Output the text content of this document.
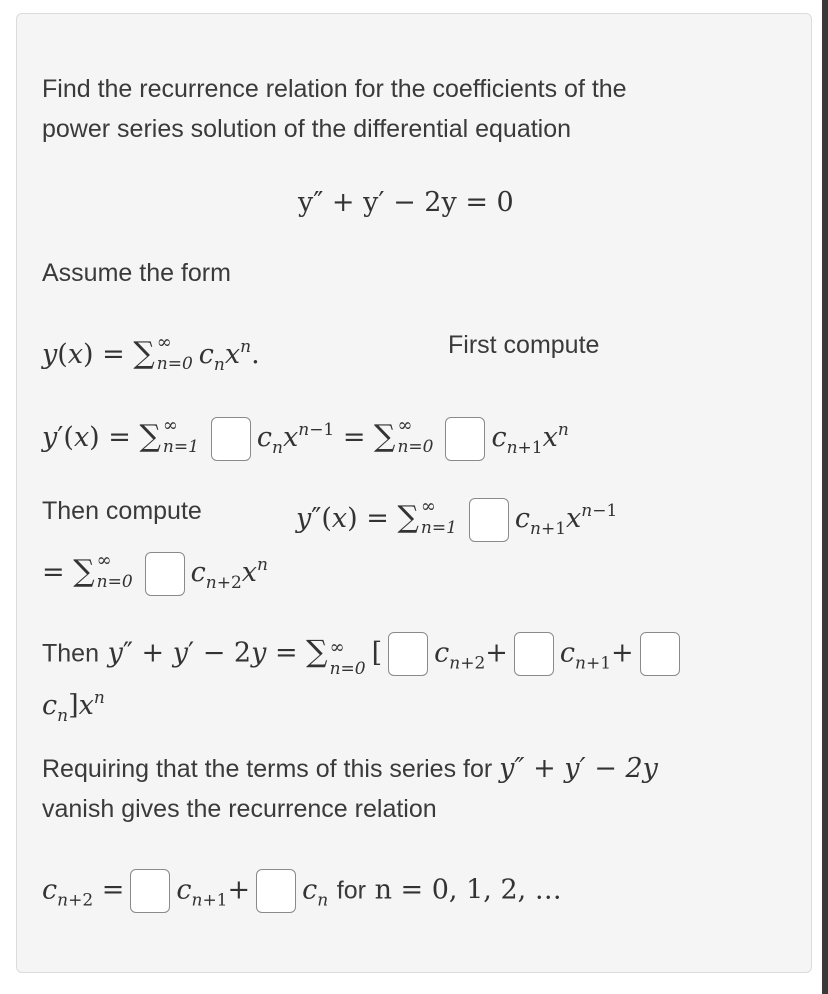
Find the recurrence relation for the coefficients of the

power series solution of the differential equation

y″ + y′ − 2y = 0

Assume the form

y(x) = ∑ ∞
n=0 $c_nx^n$.	First compute

y′(x) = ∑ ∞
n=1 $c_nx^{n-1}$ = ∑ ∞
n=0 $c_{n+1}x^n$

Then compute	y″(x) = ∑ ∞
n=1 $c_{n+1}x^{n-1}$
= ∑ ∞
n=0 $c_{n+2}x^n$
Then y″ + y′ − 2y = ∑ ∞
n=0
[ $c_{n+2}+ c_{n+1}+$
$c_n]x^n$
Requiring that the terms of this series for y″ + y′ − 2y

vanish gives the recurrence relation

$c_{n+2} = c_{n+1}+ c_n$ for n = 0, 1, 2, …
